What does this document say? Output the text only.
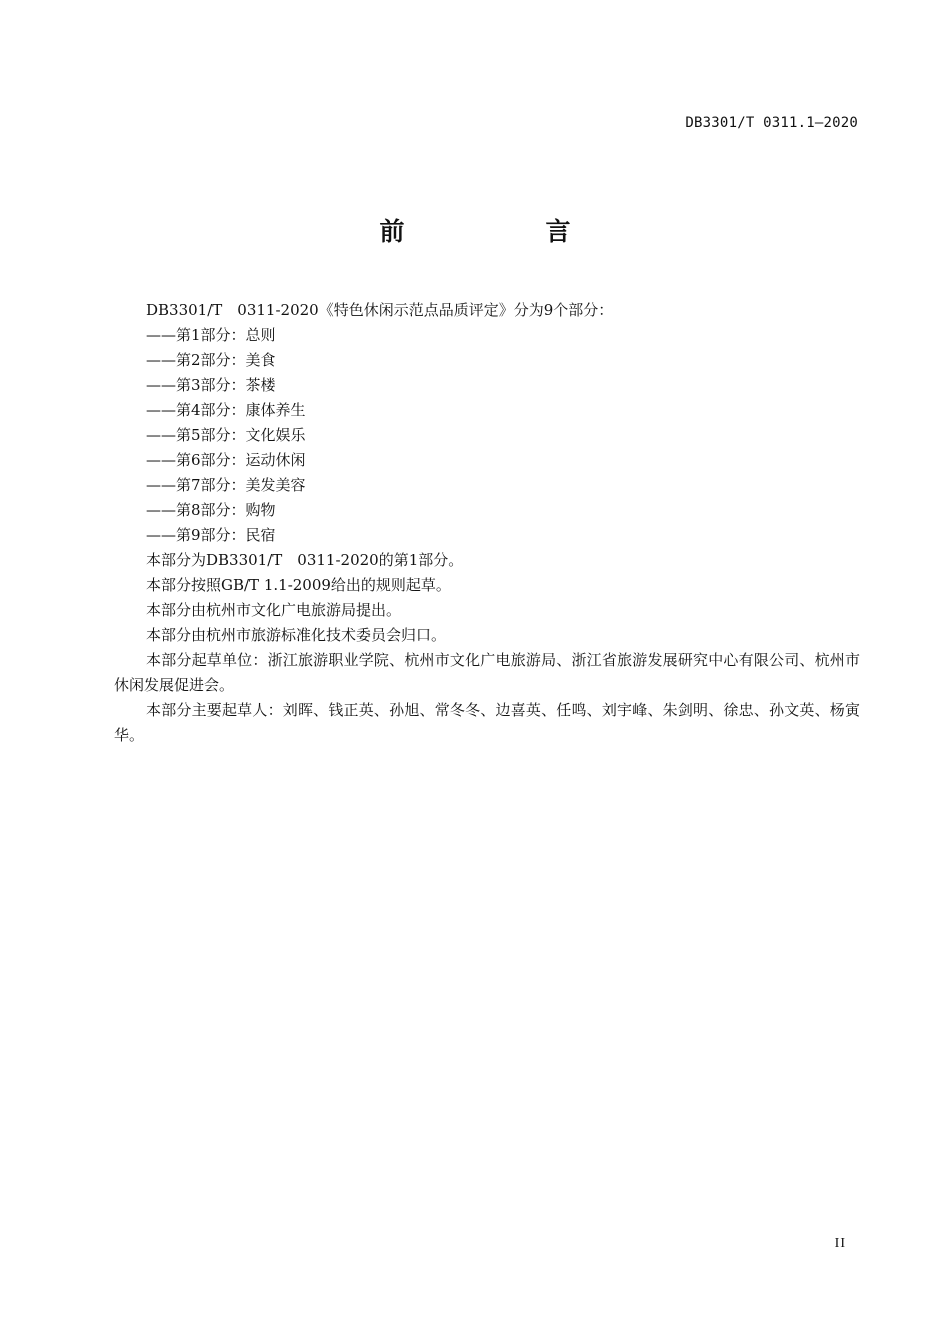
DB3301/T 0311.1—2020
前　言

DB3301/T　0311-2020《特色休闲示范点品质评定》分为9个部分：

——第1部分：总则

——第2部分：美食

——第3部分：茶楼

——第4部分：康体养生

——第5部分：文化娱乐

——第6部分：运动休闲

——第7部分：美发美容

——第8部分：购物

——第9部分：民宿

本部分为DB3301/T　0311-2020的第1部分。

本部分按照GB/T 1.1-2009给出的规则起草。

本部分由杭州市文化广电旅游局提出。

本部分由杭州市旅游标准化技术委员会归口。

本部分起草单位：浙江旅游职业学院、杭州市文化广电旅游局、浙江省旅游发展研究中心有限公司、杭州市休闲发展促进会。

本部分主要起草人：刘晖、钱正英、孙旭、常冬冬、边喜英、任鸣、刘宇峰、朱剑明、徐忠、孙文英、杨寅华。

II
